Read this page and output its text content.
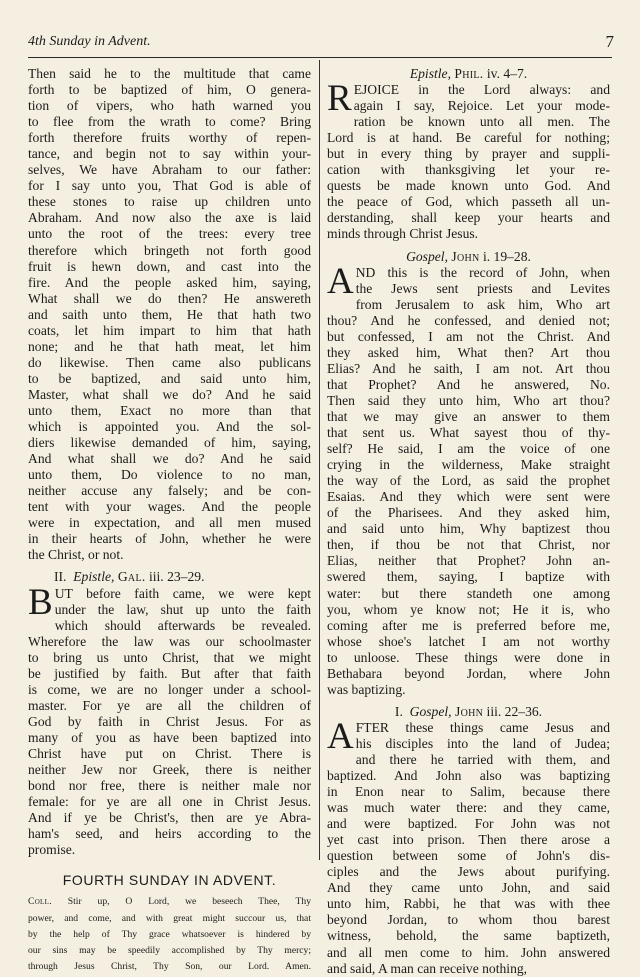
4th Sunday in Advent.	7

Then said he to the multitude that came
forth to be baptized of him, O genera-
tion of vipers, who hath warned you
to flee from the wrath to come? Bring
forth therefore fruits worthy of repen-
tance, and begin not to say within your-
selves, We have Abraham to our father:
for I say unto you, That God is able of
these stones to raise up children unto
Abraham. And now also the axe is laid
unto the root of the trees: every tree
therefore which bringeth not forth good
fruit is hewn down, and cast into the
fire. And the people asked him, saying,
What shall we do then? He answereth
and saith unto them, He that hath two
coats, let him impart to him that hath
none; and he that hath meat, let him
do likewise. Then came also publicans
to be baptized, and said unto him,
Master, what shall we do? And he said
unto them, Exact no more than that
which is appointed you. And the sol-
diers likewise demanded of him, saying,
And what shall we do? And he said
unto them, Do violence to no man,
neither accuse any falsely; and be con-
tent with your wages. And the people
were in expectation, and all men mused
in their hearts of John, whether he were
the Christ, or not.

II. Epistle, Gal. iii. 23–29.

B UT before faith came, we were kept
under the law, shut up unto the faith
which should afterwards be revealed.
Wherefore the law was our schoolmaster
to bring us unto Christ, that we might
be justified by faith. But after that faith
is come, we are no longer under a school-
master. For ye are all the children of
God by faith in Christ Jesus. For as
many of you as have been baptized into
Christ have put on Christ. There is
neither Jew nor Greek, there is neither
bond nor free, there is neither male nor
female: for ye are all one in Christ Jesus.
And if ye be Christ's, then are ye Abra-
ham's seed, and heirs according to the
promise.

FOURTH SUNDAY IN ADVENT.

Coll. Stir up, O Lord, we beseech Thee, Thy
power, and come, and with great might succour us, that
by the help of Thy grace whatsoever is hindered by
our sins may be speedily accomplished by Thy mercy;
through Jesus Christ, Thy Son, our Lord. Amen.

Epistle, Phil. iv. 4–7.

R EJOICE in the Lord always: and
again I say, Rejoice. Let your mode-
ration be known unto all men. The
Lord is at hand. Be careful for nothing;
but in every thing by prayer and suppli-
cation with thanksgiving let your re-
quests be made known unto God. And
the peace of God, which passeth all un-
derstanding, shall keep your hearts and
minds through Christ Jesus.

Gospel, John i. 19–28.

A ND this is the record of John, when
the Jews sent priests and Levites
from Jerusalem to ask him, Who art
thou? And he confessed, and denied not;
but confessed, I am not the Christ. And
they asked him, What then? Art thou
Elias? And he saith, I am not. Art thou
that Prophet? And he answered, No.
Then said they unto him, Who art thou?
that we may give an answer to them
that sent us. What sayest thou of thy-
self? He said, I am the voice of one
crying in the wilderness, Make straight
the way of the Lord, as said the prophet
Esaias. And they which were sent were
of the Pharisees. And they asked him,
and said unto him, Why baptizest thou
then, if thou be not that Christ, nor
Elias, neither that Prophet? John an-
swered them, saying, I baptize with
water: but there standeth one among
you, whom ye know not; He it is, who
coming after me is preferred before me,
whose shoe's latchet I am not worthy
to unloose. These things were done in
Bethabara beyond Jordan, where John
was baptizing.

I. Gospel, John iii. 22–36.

A FTER these things came Jesus and
his disciples into the land of Judea;
and there he tarried with them, and
baptized. And John also was baptizing
in Enon near to Salim, because there
was much water there: and they came,
and were baptized. For John was not
yet cast into prison. Then there arose a
question between some of John's dis-
ciples and the Jews about purifying.
And they came unto John, and said
unto him, Rabbi, he that was with thee
beyond Jordan, to whom thou barest
witness, behold, the same baptizeth,
and all men come to him. John answered
and said, A man can receive nothing,
